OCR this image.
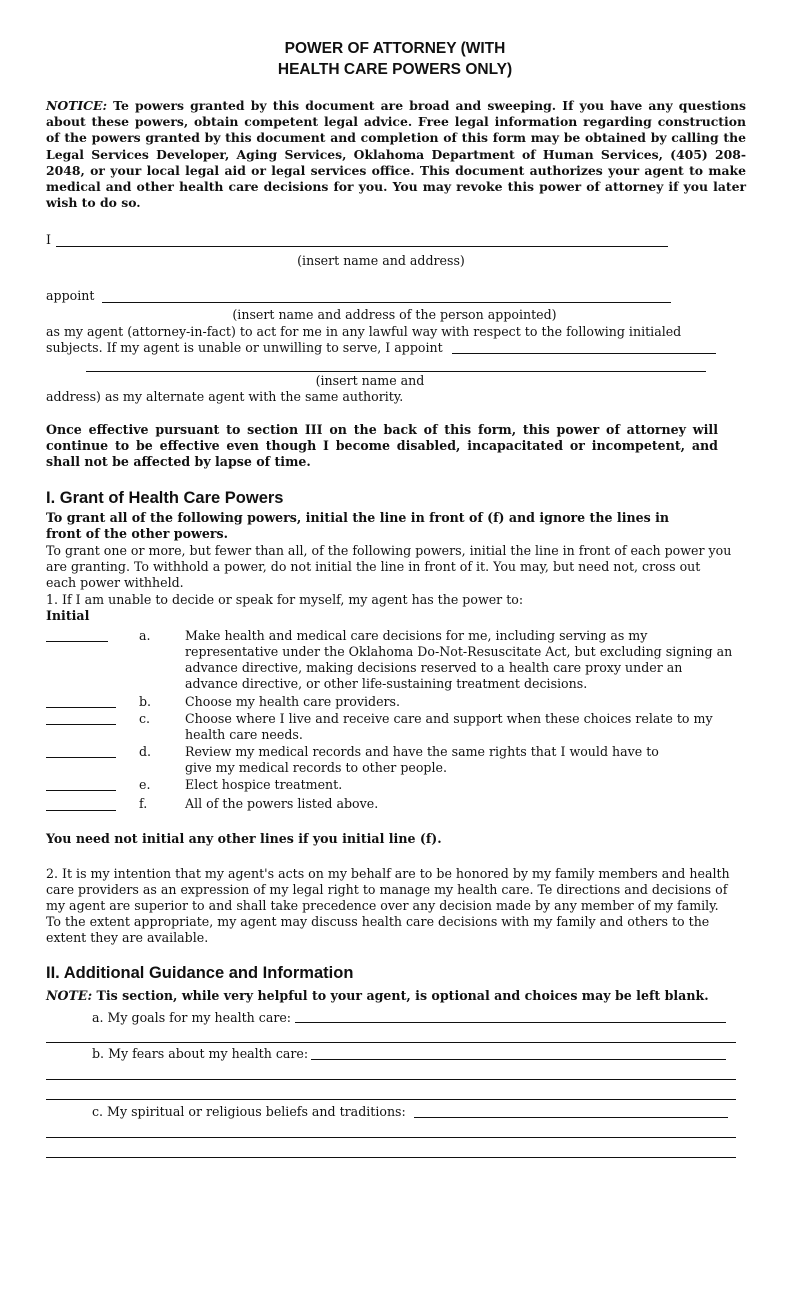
POWER OF ATTORNEY (WITH
HEALTH CARE POWERS ONLY)
NOTICE: Te powers granted by this document are broad and sweeping. If you have any questions about these powers, obtain competent legal advice. Free legal information regarding construction of the powers granted by this document and completion of this form may be obtained by calling the Legal Services Developer, Aging Services, Oklahoma Department of Human Services, (405) 208-2048, or your local legal aid or legal services office. This document authorizes your agent to make medical and other health care decisions for you. You may revoke this power of attorney if you later wish to do so.
I
(insert name and address)
appoint
(insert name and address of the person appointed)
as my agent (attorney-in-fact) to act for me in any lawful way with respect to the following initialed
subjects. If my agent is unable or unwilling to serve, I appoint
(insert name and
address) as my alternate agent with the same authority.
Once effective pursuant to section III on the back of this form, this power of attorney will continue to be effective even though I become disabled, incapacitated or incompetent, and shall not be affected by lapse of time.
I. Grant of Health Care Powers
To grant all of the following powers, initial the line in front of (f) and ignore the lines in front of the other powers.
To grant one or more, but fewer than all, of the following powers, initial the line in front of each power you are granting. To withhold a power, do not initial the line in front of it. You may, but need not, cross out each power withheld.
1. If I am unable to decide or speak for myself, my agent has the power to:
Initial
a.	Make health and medical care decisions for me, including serving as my representative under the Oklahoma Do-Not-Resuscitate Act, but excluding signing an advance directive, making decisions reserved to a health care proxy under an advance directive, or other life-sustaining treatment decisions.
b.	Choose my health care providers.
c.	Choose where I live and receive care and support when these choices relate to my health care needs.
d.	Review my medical records and have the same rights that I would have to give my medical records to other people.
e.	Elect hospice treatment.
f.	All of the powers listed above.
You need not initial any other lines if you initial line (f).
2. It is my intention that my agent's acts on my behalf are to be honored by my family members and health care providers as an expression of my legal right to manage my health care. Te directions and decisions of my agent are superior to and shall take precedence over any decision made by any member of my family. To the extent appropriate, my agent may discuss health care decisions with my family and others to the extent they are available.
II. Additional Guidance and Information
NOTE: Tis section, while very helpful to your agent, is optional and choices may be left blank.
a. My goals for my health care:
b. My fears about my health care:
c. My spiritual or religious beliefs and traditions:
